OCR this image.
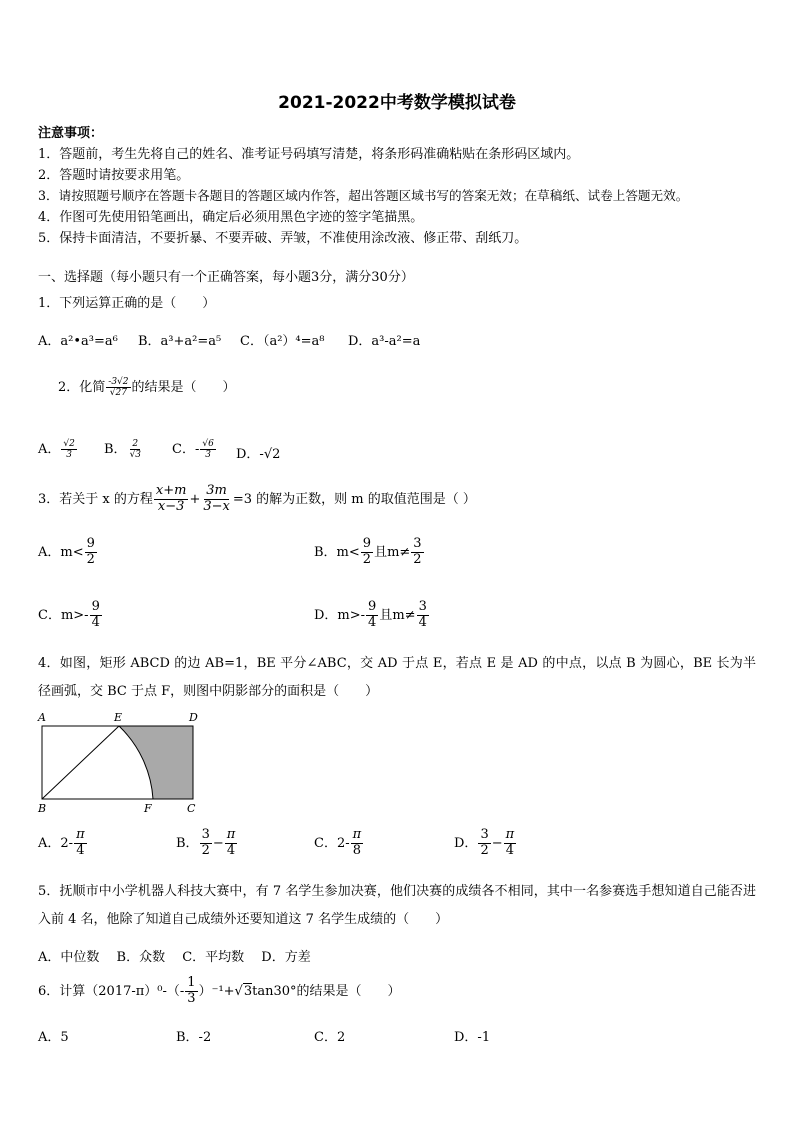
2021-2022中考数学模拟试卷
注意事项：
1．答题前，考生先将自己的姓名、准考证号码填写清楚，将条形码准确粘贴在条形码区域内。
2．答题时请按要求用笔。
3．请按照题号顺序在答题卡各题目的答题区域内作答，超出答题区域书写的答案无效；在草稿纸、试卷上答题无效。
4．作图可先使用铅笔画出，确定后必须用黑色字迹的签字笔描黑。
5．保持卡面清洁，不要折暴、不要弄破、弄皱，不准使用涂改液、修正带、刮纸刀。
一、选择题（每小题只有一个正确答案，每小题3分，满分30分）
1．下列运算正确的是（　　）
A．a²•a³=a⁶ B．a³+a²=a⁵ C．（a²）⁴=a⁸ D．a³-a²=a
2．化简 $\frac{-3√2}{√27}$ 的结果是（　　）
A． $\frac{√2}{3}$ B． $\frac{2}{√3}$ C．- $\frac{√6}{3}$ D．-√2
3．若关于 x 的方程 $\frac{x+m}{x-3} + \frac{3m}{3-x} =3$ 的解为正数，则 m 的取值范围是（ ）
A．$m< \frac{9}{2}$	B．$m< \frac{9}{2}$ 且$m\ne \frac{3}{2}$
C．$m>- \frac{9}{4}$	D．$m>- \frac{9}{4}$ 且$m\ne \frac{3}{4}$
4．如图，矩形 ABCD 的边 AB=1，BE 平分∠ABC，交 AD 于点 E，若点 E 是 AD 的中点，以点 B 为圆心，BE 长为半径画弧，交 BC 于点 F，则图中阴影部分的面积是（　　）
A	E	D
B	F	C
A．$2- \frac{\pi}{4}$	B． $\frac{3}{2} - \frac{\pi}{4}$	C．$2- \frac{\pi}{8}$	D． $\frac{3}{2} - \frac{\pi}{4}$
5．抚顺市中小学机器人科技大赛中，有 7 名学生参加决赛，他们决赛的成绩各不相同，其中一名参赛选手想知道自己能否进入前 4 名，他除了知道自己成绩外还要知道这 7 名学生成绩的（　　）
A．中位数　 B．众数　 C．平均数　 D．方差
6．计算$(2017-\pi)^0-(- \frac{1}{3} )^{-1}+√3\tan 30^\circ$的结果是（　　）
A．5	B．-2	C．2	D．-1
